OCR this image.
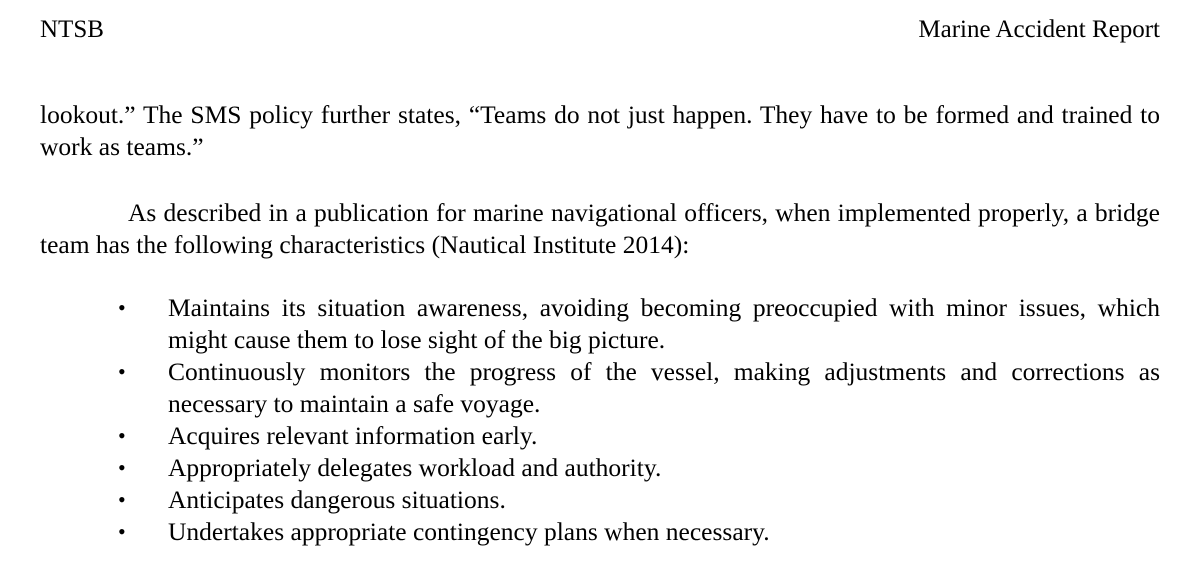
NTSB	Marine Accident Report

lookout.” The SMS policy further states, “Teams do not just happen. They have to be formed and trained to work as teams.”

As described in a publication for marine navigational officers, when implemented properly, a bridge team has the following characteristics (Nautical Institute 2014):

•	Maintains its situation awareness, avoiding becoming preoccupied with minor issues, which might cause them to lose sight of the big picture.
•	Continuously monitors the progress of the vessel, making adjustments and corrections as necessary to maintain a safe voyage.
•	Acquires relevant information early.
•	Appropriately delegates workload and authority.
•	Anticipates dangerous situations.
•	Undertakes appropriate contingency plans when necessary.
